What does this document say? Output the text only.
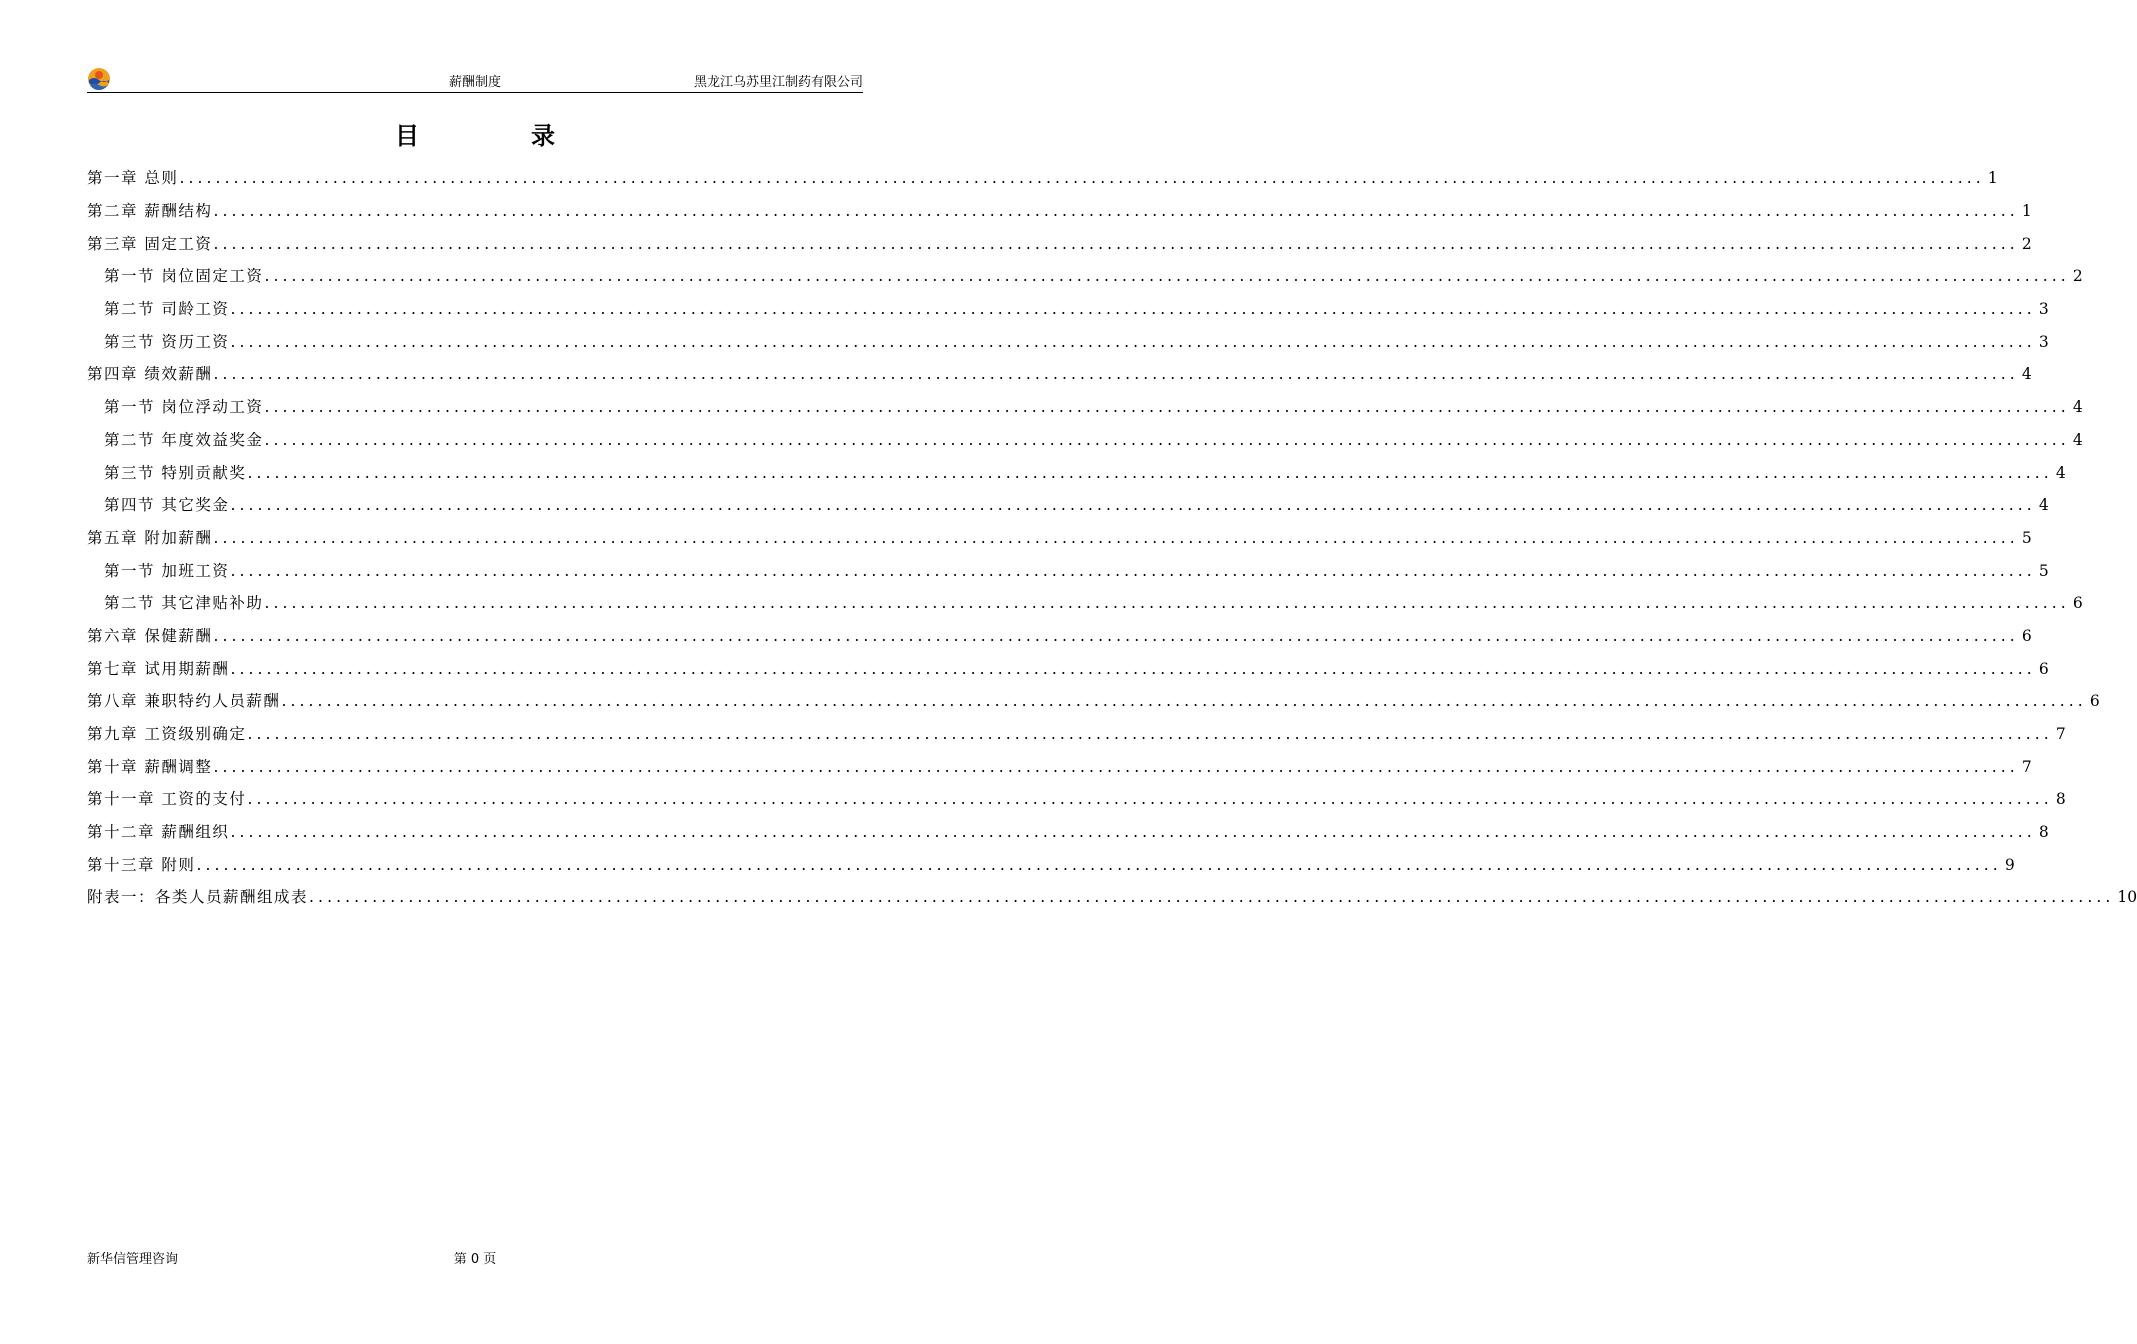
薪酬制度	黑龙江乌苏里江制药有限公司
目录
第一章 总则 ........................................................................................................................................................................................................ 1
第二章 薪酬结构 ........................................................................................................................................................................................................ 1
第三章 固定工资 ........................................................................................................................................................................................................ 2
第一节 岗位固定工资 ........................................................................................................................................................................................................ 2
第二节 司龄工资 ........................................................................................................................................................................................................ 3
第三节 资历工资 ........................................................................................................................................................................................................ 3
第四章 绩效薪酬 ........................................................................................................................................................................................................ 4
第一节 岗位浮动工资 ........................................................................................................................................................................................................ 4
第二节 年度效益奖金 ........................................................................................................................................................................................................ 4
第三节 特别贡献奖 ........................................................................................................................................................................................................ 4
第四节 其它奖金 ........................................................................................................................................................................................................ 4
第五章 附加薪酬 ........................................................................................................................................................................................................ 5
第一节 加班工资 ........................................................................................................................................................................................................ 5
第二节 其它津贴补助 ........................................................................................................................................................................................................ 6
第六章 保健薪酬 ........................................................................................................................................................................................................ 6
第七章 试用期薪酬 ........................................................................................................................................................................................................ 6
第八章 兼职特约人员薪酬 ........................................................................................................................................................................................................ 6
第九章 工资级别确定 ........................................................................................................................................................................................................ 7
第十章 薪酬调整 ........................................................................................................................................................................................................ 7
第十一章 工资的支付 ........................................................................................................................................................................................................ 8
第十二章 薪酬组织 ........................................................................................................................................................................................................ 8
第十三章 附则 ........................................................................................................................................................................................................ 9
附表一：各类人员薪酬组成表 ........................................................................................................................................................................................................ 10
新华信管理咨询	第 0 页
